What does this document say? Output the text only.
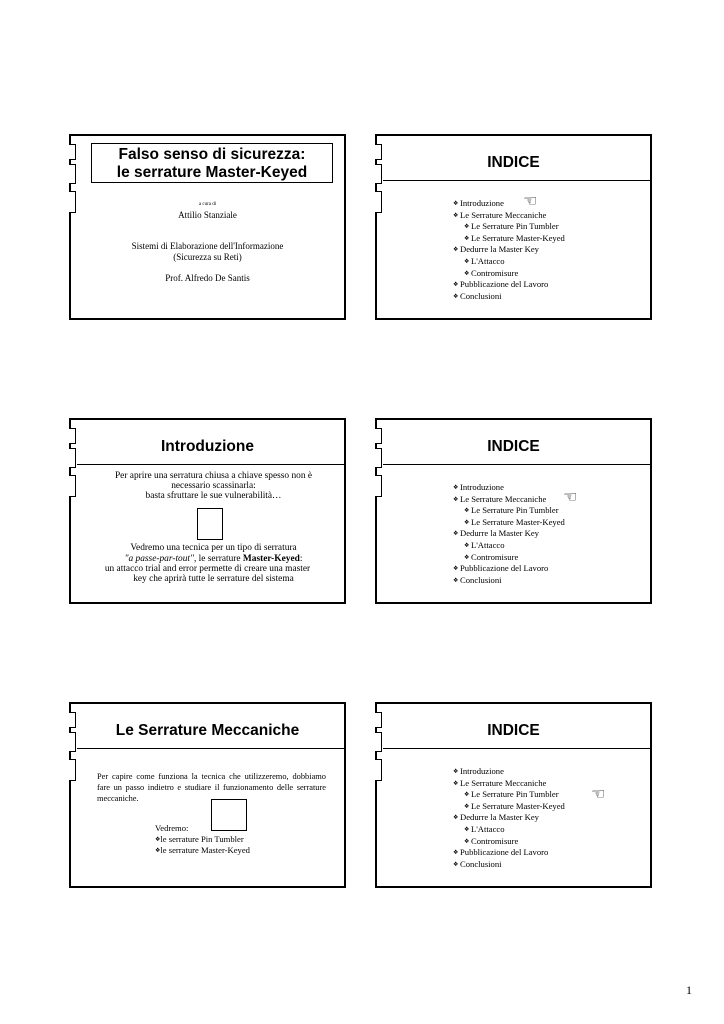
Falso senso di sicurezza:
le serrature Master-Keyed
a cura di
Attilio Stanziale
Sistemi di Elaborazione dell'Informazione
(Sicurezza su Reti)
Prof. Alfredo De Santis
INDICE
❖ Introduzione
❖ Le Serrature Meccaniche
❖ Le Serrature Pin Tumbler
❖ Le Serrature Master-Keyed
❖ Dedurre la Master Key
❖ L'Attacco
❖ Contromisure
❖ Pubblicazione del Lavoro
❖ Conclusioni
☜
Introduzione
Per aprire una serratura chiusa a chiave spesso non è
necessario scassinarla:
basta sfruttare le sue vulnerabilità…
Vedremo una tecnica per un tipo di serratura
"a passe-par-tout", le serrature Master-Keyed:
un attacco trial and error permette di creare una master
key che aprirà tutte le serrature del sistema
INDICE
❖ Introduzione
❖ Le Serrature Meccaniche
❖ Le Serrature Pin Tumbler
❖ Le Serrature Master-Keyed
❖ Dedurre la Master Key
❖ L'Attacco
❖ Contromisure
❖ Pubblicazione del Lavoro
❖ Conclusioni
☜
Le Serrature Meccaniche
Per capire come funziona la tecnica che utilizzeremo, dobbiamo fare un passo indietro e studiare il funzionamento delle serrature meccaniche.
Vedremo:
❖le serrature Pin Tumbler
❖le serrature Master-Keyed
INDICE
❖ Introduzione
❖ Le Serrature Meccaniche
❖ Le Serrature Pin Tumbler
❖ Le Serrature Master-Keyed
❖ Dedurre la Master Key
❖ L'Attacco
❖ Contromisure
❖ Pubblicazione del Lavoro
❖ Conclusioni
☜
1
